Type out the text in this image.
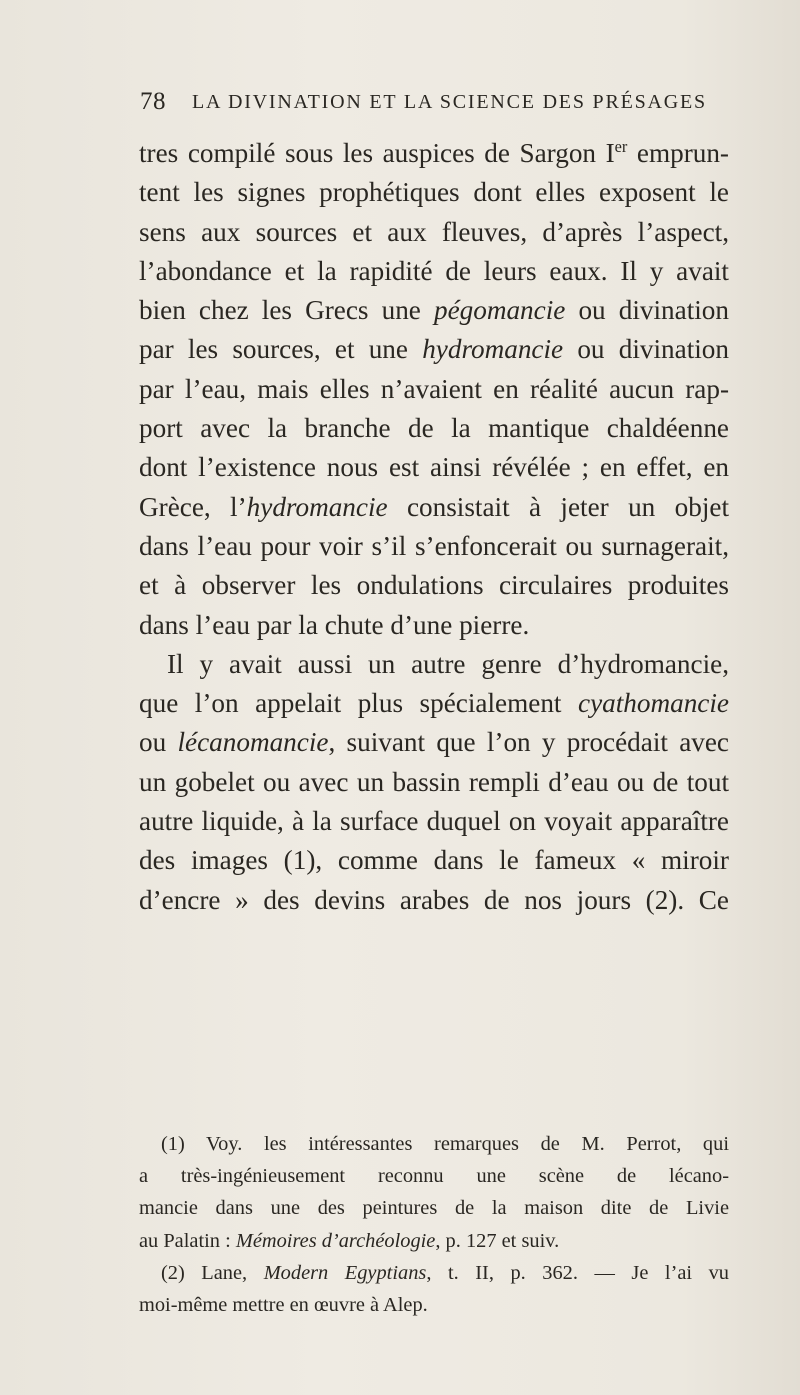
78 LA DIVINATION ET LA SCIENCE DES PRÉSAGES
tres compilé sous les auspices de Sargon Ier emprun-
tent les signes prophétiques dont elles exposent le
sens aux sources et aux fleuves, d’après l’aspect,
l’abondance et la rapidité de leurs eaux. Il y avait
bien chez les Grecs une pégomancie ou divination
par les sources, et une hydromancie ou divination
par l’eau, mais elles n’avaient en réalité aucun rap-
port avec la branche de la mantique chaldéenne
dont l’existence nous est ainsi révélée ; en effet, en
Grèce, l’hydromancie consistait à jeter un objet
dans l’eau pour voir s’il s’enfoncerait ou surnagerait,
et à observer les ondulations circulaires produites
dans l’eau par la chute d’une pierre.
Il y avait aussi un autre genre d’hydromancie,
que l’on appelait plus spécialement cyathomancie
ou lécanomancie, suivant que l’on y procédait avec
un gobelet ou avec un bassin rempli d’eau ou de tout
autre liquide, à la surface duquel on voyait apparaître
des images (1), comme dans le fameux « miroir
d’encre » des devins arabes de nos jours (2). Ce
(1) Voy. les intéressantes remarques de M. Perrot, qui
a très-ingénieusement reconnu une scène de lécano-
mancie dans une des peintures de la maison dite de Livie
au Palatin : Mémoires d’archéologie, p. 127 et suiv.
(2) Lane, Modern Egyptians, t. II, p. 362. — Je l’ai vu
moi-même mettre en œuvre à Alep.
